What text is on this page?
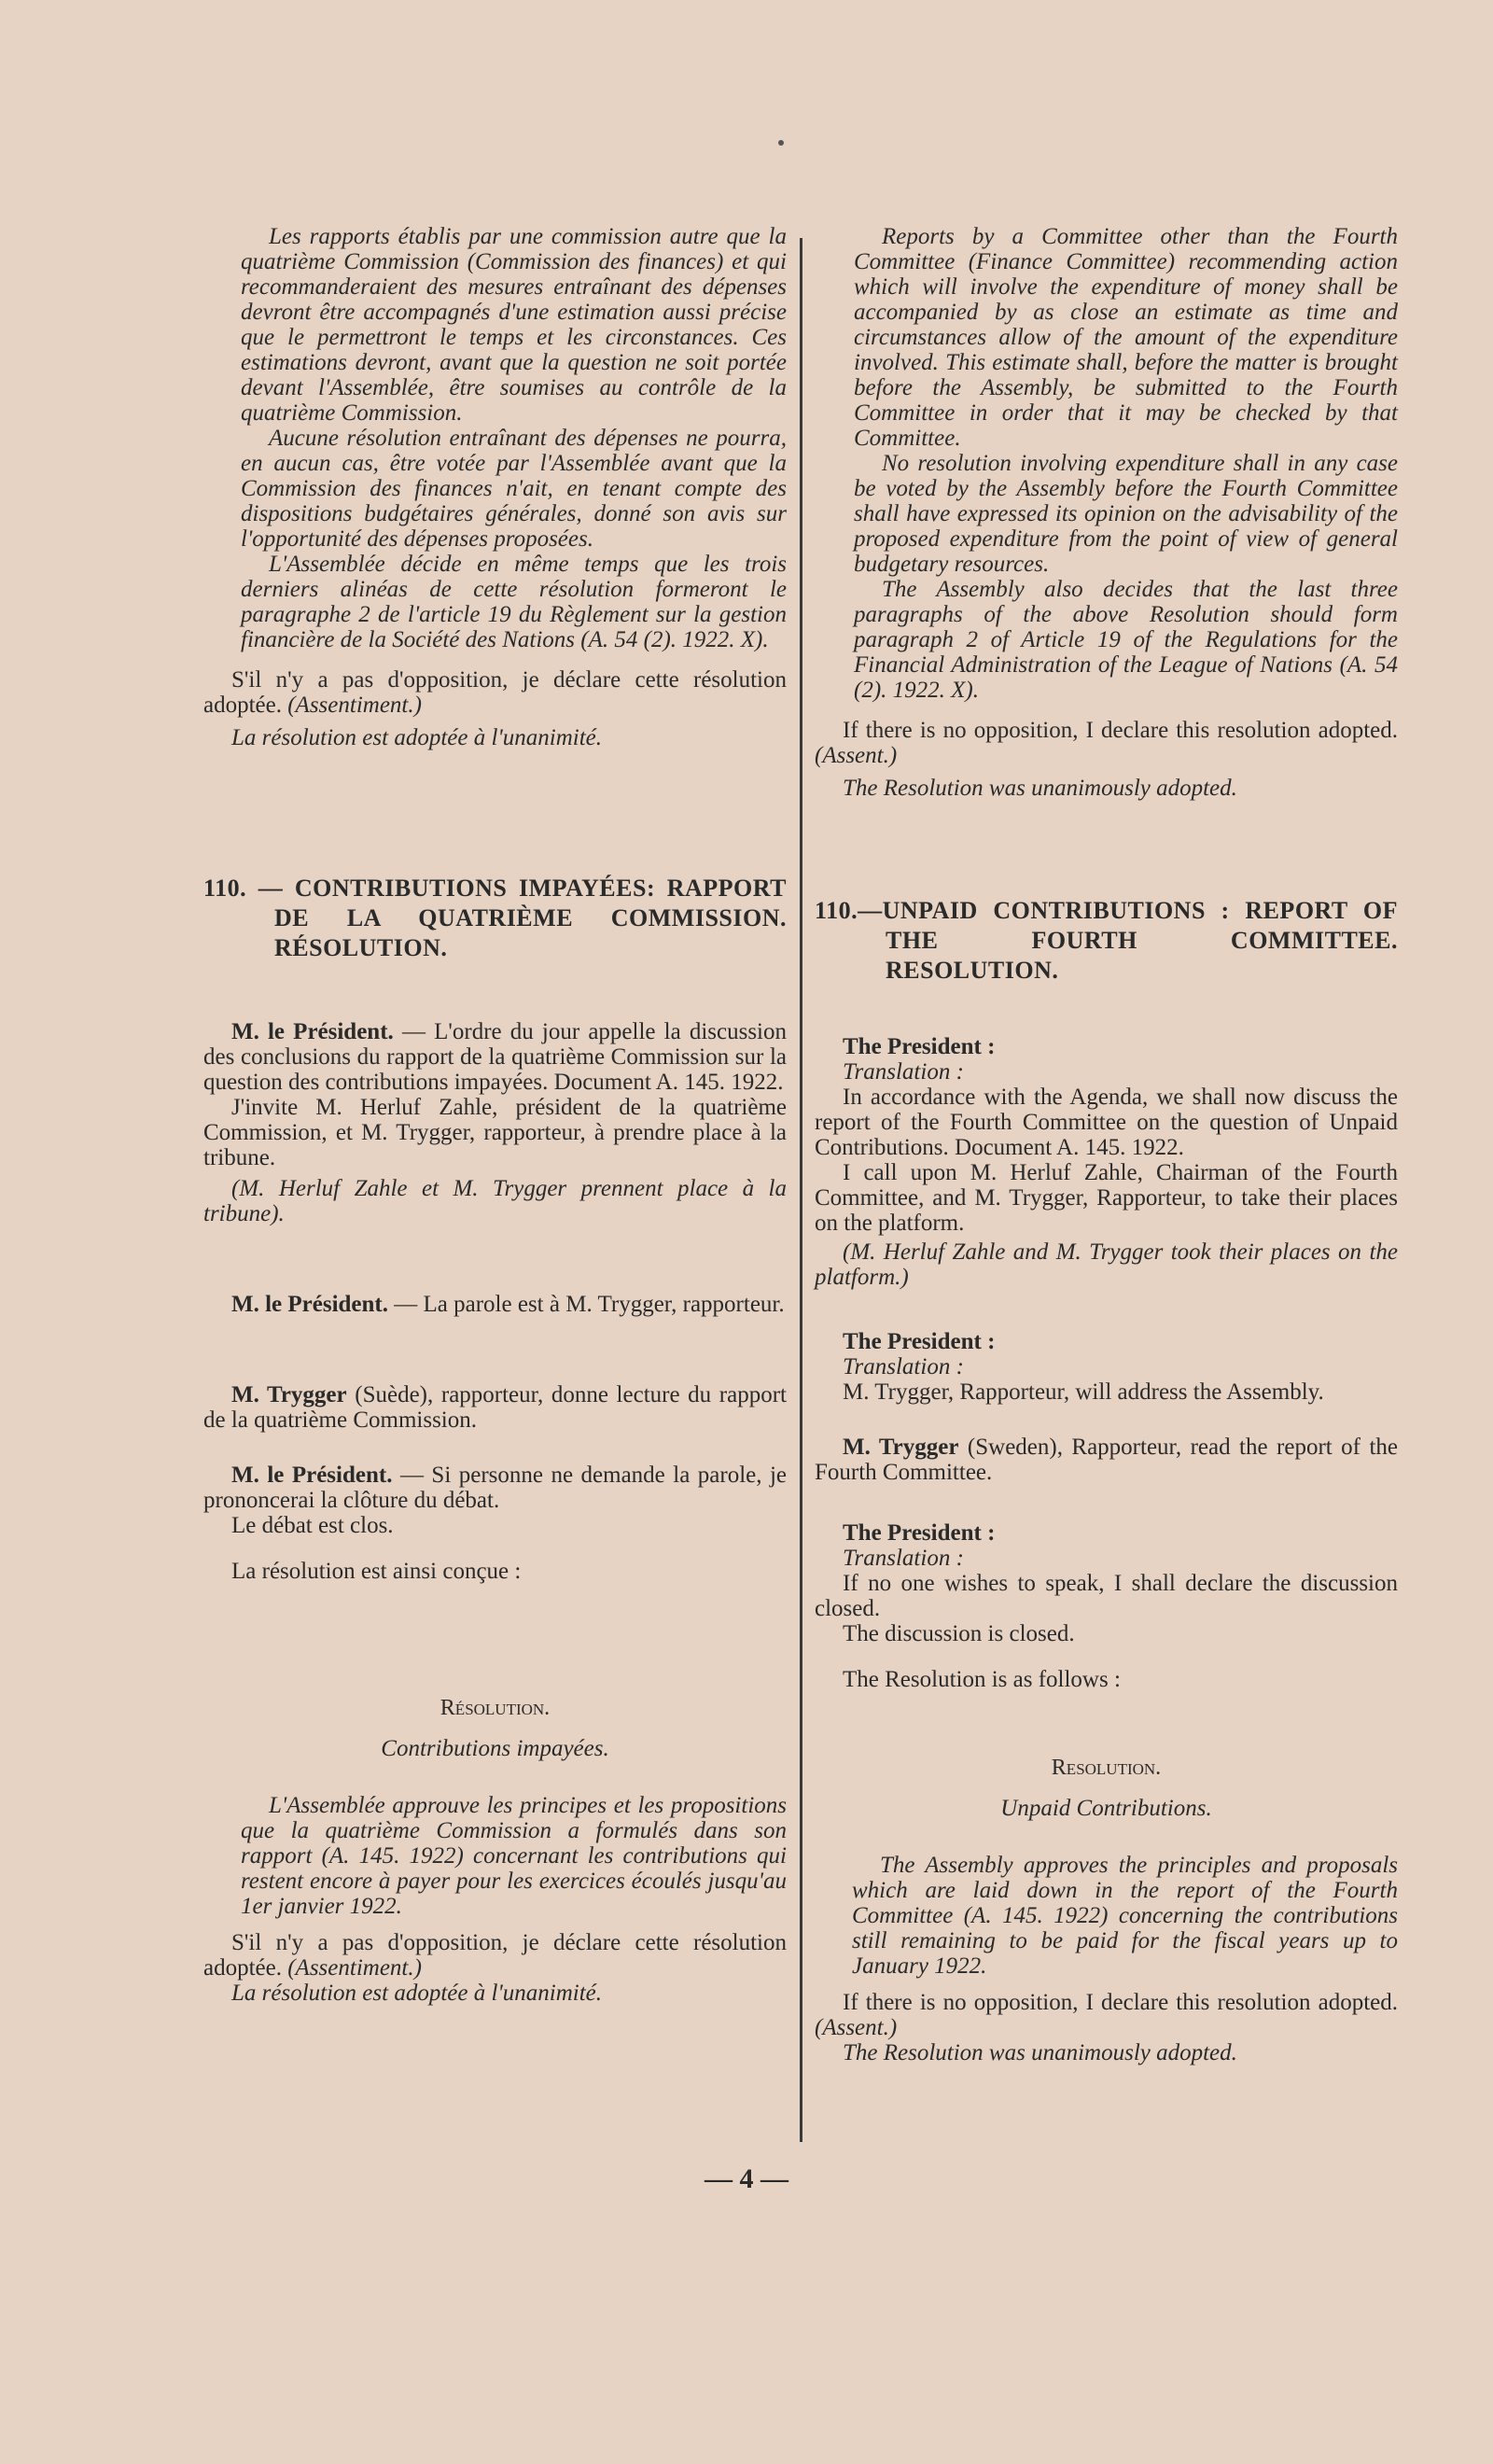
Les rapports établis par une commission autre que la quatrième Commission (Commission des finances) et qui recommanderaient des mesures entraînant des dépenses devront être accompagnés d'une estimation aussi précise que le permettront le temps et les circonstances. Ces estimations devront, avant que la question ne soit portée devant l'Assemblée, être soumises au contrôle de la quatrième Commission.

Aucune résolution entraînant des dépenses ne pourra, en aucun cas, être votée par l'Assemblée avant que la Commission des finances n'ait, en tenant compte des dispositions budgétaires générales, donné son avis sur l'opportunité des dépenses proposées.

L'Assemblée décide en même temps que les trois derniers alinéas de cette résolution formeront le paragraphe 2 de l'article 19 du Règlement sur la gestion financière de la Société des Nations (A. 54 (2). 1922. X).

S'il n'y a pas d'opposition, je déclare cette résolution adoptée. (Assentiment.)

La résolution est adoptée à l'unanimité.

110. — CONTRIBUTIONS IMPAYÉES: RAPPORT DE LA QUATRIÈME COMMISSION. RÉSOLUTION.

M. le Président. — L'ordre du jour appelle la discussion des conclusions du rapport de la quatrième Commission sur la question des contributions impayées. Document A. 145. 1922.

J'invite M. Herluf Zahle, président de la quatrième Commission, et M. Trygger, rapporteur, à prendre place à la tribune.

(M. Herluf Zahle et M. Trygger prennent place à la tribune).

M. le Président. — La parole est à M. Trygger, rapporteur.

M. Trygger (Suède), rapporteur, donne lecture du rapport de la quatrième Commission.

M. le Président. — Si personne ne demande la parole, je prononcerai la clôture du débat.

Le débat est clos.

La résolution est ainsi conçue :

Résolution.

Contributions impayées.

L'Assemblée approuve les principes et les propositions que la quatrième Commission a formulés dans son rapport (A. 145. 1922) concernant les contributions qui restent encore à payer pour les exercices écoulés jusqu'au 1er janvier 1922.

S'il n'y a pas d'opposition, je déclare cette résolution adoptée. (Assentiment.)

La résolution est adoptée à l'unanimité.

Reports by a Committee other than the Fourth Committee (Finance Committee) recommending action which will involve the expenditure of money shall be accompanied by as close an estimate as time and circumstances allow of the amount of the expenditure involved. This estimate shall, before the matter is brought before the Assembly, be submitted to the Fourth Committee in order that it may be checked by that Committee.

No resolution involving expenditure shall in any case be voted by the Assembly before the Fourth Committee shall have expressed its opinion on the advisability of the proposed expenditure from the point of view of general budgetary resources.

The Assembly also decides that the last three paragraphs of the above Resolution should form paragraph 2 of Article 19 of the Regulations for the Financial Administration of the League of Nations (A. 54 (2). 1922. X).

If there is no opposition, I declare this resolution adopted. (Assent.)

The Resolution was unanimously adopted.

110.—UNPAID CONTRIBUTIONS : REPORT OF THE FOURTH COMMITTEE. RESOLUTION.

The President :

Translation :

In accordance with the Agenda, we shall now discuss the report of the Fourth Committee on the question of Unpaid Contributions. Document A. 145. 1922.

I call upon M. Herluf Zahle, Chairman of the Fourth Committee, and M. Trygger, Rapporteur, to take their places on the platform.

(M. Herluf Zahle and M. Trygger took their places on the platform.)

The President :

Translation :

M. Trygger, Rapporteur, will address the Assembly.

M. Trygger (Sweden), Rapporteur, read the report of the Fourth Committee.

The President :

Translation :

If no one wishes to speak, I shall declare the discussion closed.

The discussion is closed.

The Resolution is as follows :

Resolution.

Unpaid Contributions.

The Assembly approves the principles and proposals which are laid down in the report of the Fourth Committee (A. 145. 1922) concerning the contributions still remaining to be paid for the fiscal years up to January 1922.

If there is no opposition, I declare this resolution adopted. (Assent.)

The Resolution was unanimously adopted.

— 4 —
